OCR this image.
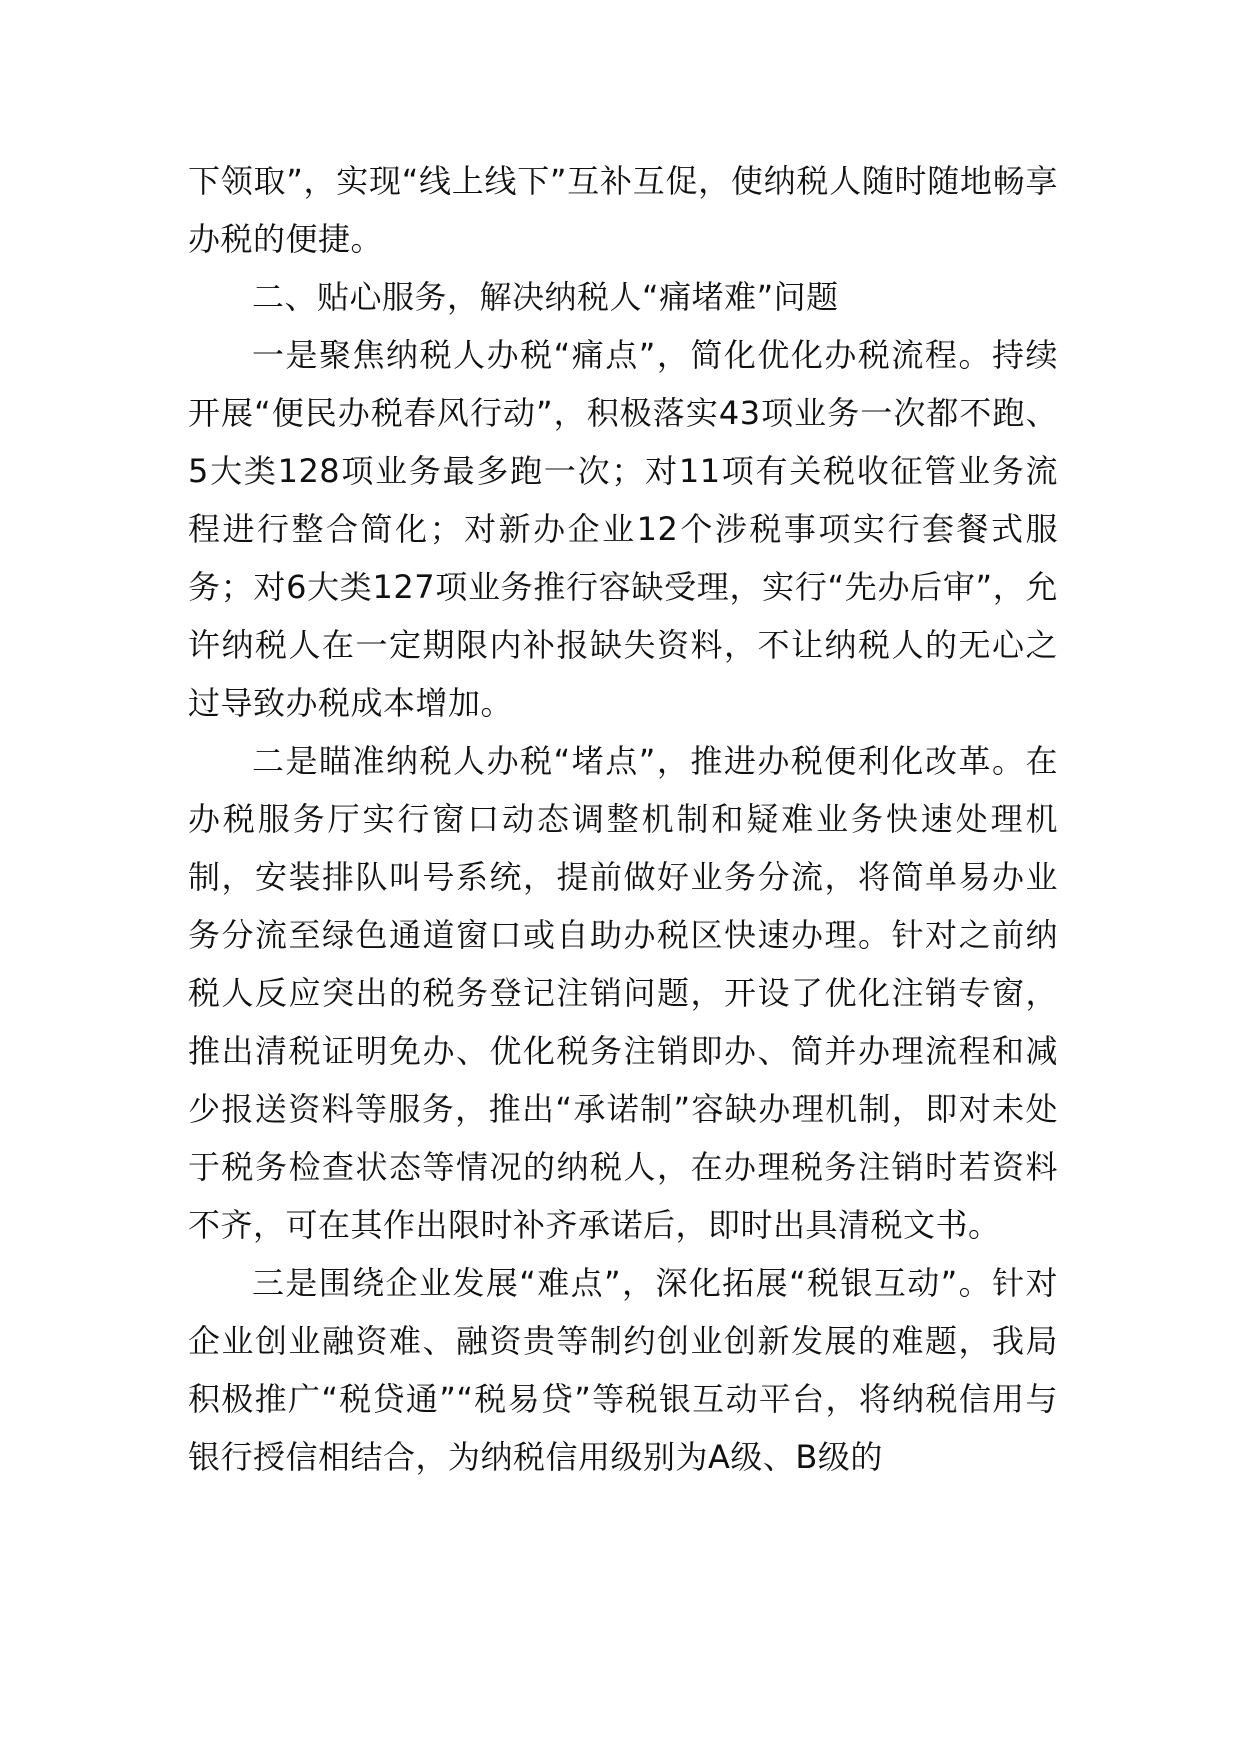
下领取”，实现“线上线下”互补互促，使纳税人随时随地畅享办税的便捷。

二、贴心服务，解决纳税人“痛堵难”问题

一是聚焦纳税人办税“痛点”，简化优化办税流程。持续开展“便民办税春风行动”，积极落实43项业务一次都不跑、5大类128项业务最多跑一次；对11项有关税收征管业务流程进行整合简化；对新办企业12个涉税事项实行套餐式服务；对6大类127项业务推行容缺受理，实行“先办后审”，允许纳税人在一定期限内补报缺失资料，不让纳税人的无心之过导致办税成本增加。

二是瞄准纳税人办税“堵点”，推进办税便利化改革。在办税服务厅实行窗口动态调整机制和疑难业务快速处理机制，安装排队叫号系统，提前做好业务分流，将简单易办业务分流至绿色通道窗口或自助办税区快速办理。针对之前纳税人反应突出的税务登记注销问题，开设了优化注销专窗，推出清税证明免办、优化税务注销即办、简并办理流程和减少报送资料等服务，推出“承诺制”容缺办理机制，即对未处于税务检查状态等情况的纳税人，在办理税务注销时若资料不齐，可在其作出限时补齐承诺后，即时出具清税文书。

三是围绕企业发展“难点”，深化拓展“税银互动”。针对企业创业融资难、融资贵等制约创业创新发展的难题，我局积极推广“税贷通”“税易贷”等税银互动平台，将纳税信用与银行授信相结合，为纳税信用级别为A级、B级的
